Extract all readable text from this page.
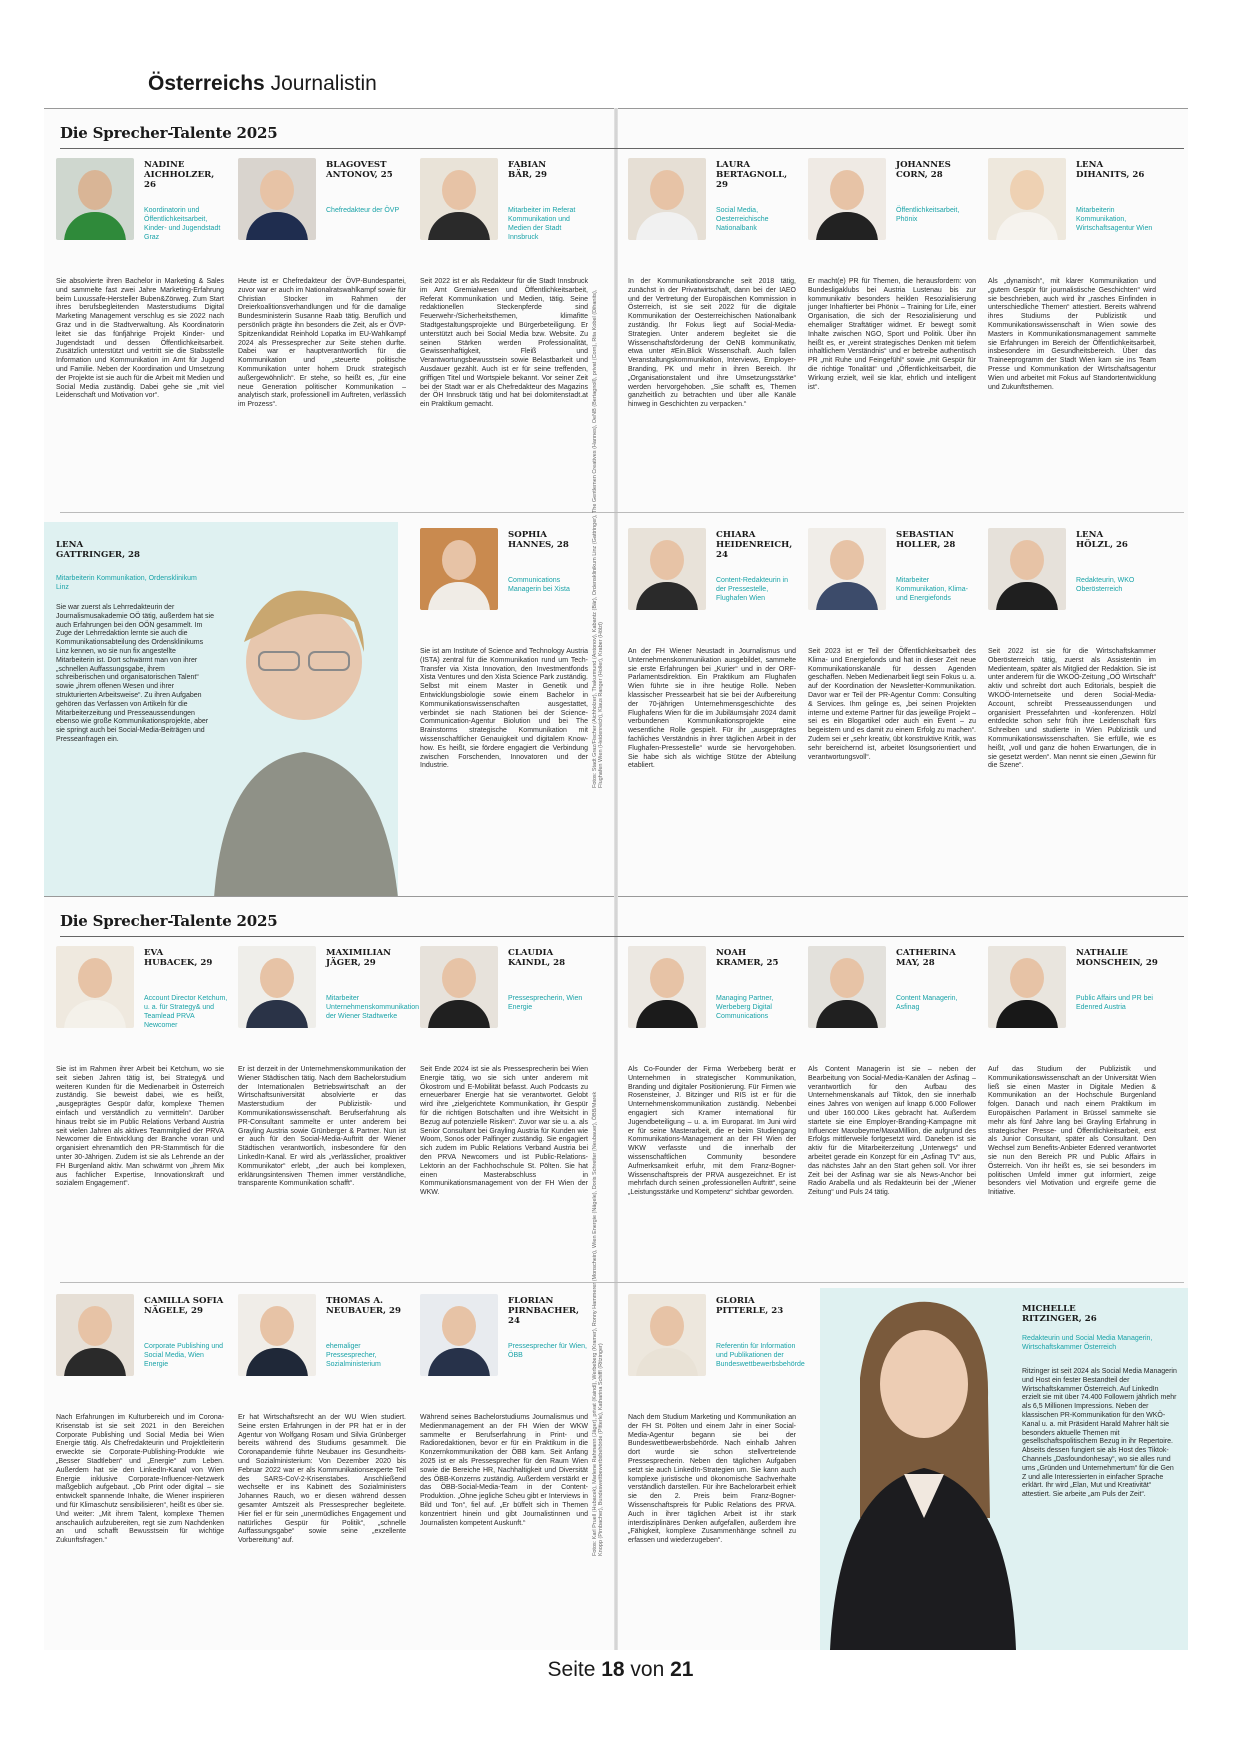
Österreichs Journalistin
Die Sprecher-Talente 2025
Fotos: Stadt Graz/Fischer (Aichholzer), Thakurmund (Antonov), Kabantz (Bär), Ordensklinikum Linz (Gattringer), The Gentlemen Creatives (Hannes), OeNB (Bertagnoll), privat (Corn), Rita Kobel (Dihanits), Flughafen Wien (Heidenreich), Klaus Ranger (Holler), Kraber (Hölzl)
NADINE
AICHHOLZER, 26
Koordinatorin und Öffentlichkeitsarbeit, Kinder- und Jugendstadt Graz
Sie absolvierte ihren Bachelor in Marketing & Sales und sammelte fast zwei Jahre Marketing-Erfahrung beim Luxussafe-Hersteller Buben&Zörweg. Zum Start ihres berufsbegleitenden Masterstudiums Digital Marketing Management verschlug es sie 2022 nach Graz und in die Stadtverwaltung. Als Koordinatorin leitet sie das fünfjährige Projekt Kinder- und Jugendstadt und dessen Öffentlichkeitsarbeit. Zusätzlich unterstützt und vertritt sie die Stabsstelle Information und Kommunikation im Amt für Jugend und Familie. Neben der Koordination und Umsetzung der Projekte ist sie auch für die Arbeit mit Medien und Social Media zuständig. Dabei gehe sie „mit viel Leidenschaft und Motivation vor“.
BLAGOVEST
ANTONOV, 25
Chefredakteur der ÖVP
Heute ist er Chefredakteur der ÖVP-Bundespartei, zuvor war er auch im Nationalratswahlkampf sowie für Christian Stocker im Rahmen der Dreierkoalitionsverhandlungen und für die damalige Bundesministerin Susanne Raab tätig. Beruflich und persönlich prägte ihn besonders die Zeit, als er ÖVP-Spitzenkandidat Reinhold Lopatka im EU-Wahlkampf 2024 als Pressesprecher zur Seite stehen durfte. Dabei war er hauptverantwortlich für die Kommunikation und „steuerte politische Kommunikation unter hohem Druck strategisch außergewöhnlich“. Er stehe, so heißt es, „für eine neue Generation politischer Kommunikation – analytisch stark, professionell im Auftreten, verlässlich im Prozess“.
FABIAN
BÄR, 29
Mitarbeiter im Referat Kommunikation und Medien der Stadt Innsbruck
Seit 2022 ist er als Redakteur für die Stadt Innsbruck im Amt Gremialwesen und Öffentlichkeitsarbeit, Referat Kommunikation und Medien, tätig. Seine redaktionellen Steckenpferde sind Feuerwehr-/Sicherheitsthemen, klimafitte Stadtgestaltungsprojekte und Bürgerbeteiligung. Er unterstützt auch bei Social Media bzw. Website. Zu seinen Stärken werden Professionalität, Gewissenhaftigkeit, Fleiß und Verantwortungsbewusstsein sowie Belastbarkeit und Ausdauer gezählt. Auch ist er für seine treffenden, griffigen Titel und Wortspiele bekannt. Vor seiner Zeit bei der Stadt war er als Chefredakteur des Magazins der ÖH Innsbruck tätig und hat bei dolomitenstadt.at ein Praktikum gemacht.
LAURA
BERTAGNOLL, 29
Social Media, Oesterreichische Nationalbank
In der Kommunikationsbranche seit 2018 tätig, zunächst in der Privatwirtschaft, dann bei der IAEO und der Vertretung der Europäischen Kommission in Österreich, ist sie seit 2022 für die digitale Kommunikation der Oesterreichischen Nationalbank zuständig. Ihr Fokus liegt auf Social-Media-Strategien. Unter anderem begleitet sie die Wissenschaftsförderung der OeNB kommunikativ, etwa unter #Ein.Blick Wissenschaft. Auch fallen Veranstaltungskommunikation, Interviews, Employer-Branding, PK und mehr in ihren Bereich. Ihr „Organisationstalent und ihre Umsetzungsstärke“ werden hervorgehoben. „Sie schafft es, Themen ganzheitlich zu betrachten und über alle Kanäle hinweg in Geschichten zu verpacken.“
JOHANNES
CORN, 28
Öffentlichkeitsarbeit, Phönix
Er macht(e) PR für Themen, die herausfordern: von Bundesligaklubs bei Austria Lustenau bis zur kommunikativ besonders heiklen Resozialisierung junger Inhaftierter bei Phönix – Training for Life, einer Organisation, die sich der Resozialisierung und ehemaliger Straftätiger widmet. Er bewegt somit Inhalte zwischen NGO, Sport und Politik. Über ihn heißt es, er „vereint strategisches Denken mit tiefem inhaltlichem Verständnis“ und er betreibe authentisch PR „mit Ruhe und Feingefühl“ sowie „mit Gespür für die richtige Tonalität“ und „Öffentlichkeitsarbeit, die Wirkung erzielt, weil sie klar, ehrlich und intelligent ist“.
LENA
DIHANITS, 26
Mitarbeiterin Kommunikation, Wirtschaftsagentur Wien
Als „dynamisch“, mit klarer Kommunikation und „gutem Gespür für journalistische Geschichten“ wird sie beschrieben, auch wird ihr „rasches Einfinden in unterschiedliche Themen“ attestiert. Bereits während ihres Studiums der Publizistik und Kommunikationswissenschaft in Wien sowie des Masters in Kommunikationsmanagement sammelte sie Erfahrungen im Bereich der Öffentlichkeitsarbeit, insbesondere im Gesundheitsbereich. Über das Traineeprogramm der Stadt Wien kam sie ins Team Presse und Kommunikation der Wirtschaftsagentur Wien und arbeitet mit Fokus auf Standortentwicklung und Zukunftsthemen.
LENA
GATTRINGER, 28
Mitarbeiterin Kommunikation, Ordensklinikum Linz
Sie war zuerst als Lehrredakteurin der Journalismusakademie OÖ tätig, außerdem hat sie auch Erfahrungen bei den OÖN gesammelt. Im Zuge der Lehrredaktion lernte sie auch die Kommunikationsabteilung des Ordensklinikums Linz kennen, wo sie nun fix angestellte Mitarbeiterin ist. Dort schwärmt man von ihrer „schnellen Auffassungsgabe, ihrem schreiberischen und organisatorischen Talent“ sowie „ihrem offenen Wesen und ihrer strukturierten Arbeitsweise“. Zu ihren Aufgaben gehören das Verfassen von Artikeln für die Mitarbeiterzeitung und Presseaussendungen ebenso wie große Kommunikationsprojekte, aber sie springt auch bei Social-Media-Beiträgen und Presseanfragen ein.
SOPHIA
HANNES, 28
Communications Managerin bei Xista
Sie ist am Institute of Science and Technology Austria (ISTA) zentral für die Kommunikation rund um Tech-Transfer via Xista Innovation, den Investmentfonds Xista Ventures und den Xista Science Park zuständig. Selbst mit einem Master in Genetik und Entwicklungsbiologie sowie einem Bachelor in Kommunikationswissenschaften ausgestattet, verbindet sie nach Stationen bei der Science-Communication-Agentur Biolution und bei The Brainstorms strategische Kommunikation mit wissenschaftlicher Genauigkeit und digitalem Know-how. Es heißt, sie fördere engagiert die Verbindung zwischen Forschenden, Innovatoren und der Industrie.
CHIARA
HEIDENREICH, 24
Content-Redakteurin in der Pressestelle, Flughafen Wien
An der FH Wiener Neustadt in Journalismus und Unternehmenskommunikation ausgebildet, sammelte sie erste Erfahrungen bei „Kurier“ und in der ORF-Parlamentsdirektion. Ein Praktikum am Flughafen Wien führte sie in ihre heutige Rolle. Neben klassischer Pressearbeit hat sie bei der Aufbereitung der 70-jährigen Unternehmensgeschichte des Flughafens Wien für die im Jubiläumsjahr 2024 damit verbundenen Kommunikationsprojekte eine wesentliche Rolle gespielt. Für ihr „ausgeprägtes fachliches Verständnis in ihrer täglichen Arbeit in der Flughafen-Pressestelle“ wurde sie hervorgehoben. Sie habe sich als wichtige Stütze der Abteilung etabliert.
SEBASTIAN
HOLLER, 28
Mitarbeiter Kommunikation, Klima- und Energiefonds
Seit 2023 ist er Teil der Öffentlichkeitsarbeit des Klima- und Energiefonds und hat in dieser Zeit neue Kommunikationskanäle für dessen Agenden geschaffen. Neben Medienarbeit liegt sein Fokus u. a. auf der Koordination der Newsletter-Kommunikation. Davor war er Teil der PR-Agentur Comm: Consulting & Services. Ihm gelinge es, „bei seinen Projekten interne und externe Partner für das jeweilige Projekt – sei es ein Blogartikel oder auch ein Event – zu begeistern und es damit zu einem Erfolg zu machen“. Zudem sei er „sehr kreativ, übt konstruktive Kritik, was sehr bereichernd ist, arbeitet lösungsorientiert und verantwortungsvoll“.
LENA
HÖLZL, 26
Redakteurin, WKO Oberösterreich
Seit 2022 ist sie für die Wirtschaftskammer Oberösterreich tätig, zuerst als Assistentin im Medienteam, später als Mitglied der Redaktion. Sie ist unter anderem für die WKOÖ-Zeitung „OÖ Wirtschaft“ aktiv und schreibt dort auch Editorials, bespielt die WKOÖ-Internetseite und deren Social-Media-Account, schreibt Presseaussendungen und organisiert Pressefahrten und -konferenzen. Hölzl entdeckte schon sehr früh ihre Leidenschaft fürs Schreiben und studierte in Wien Publizistik und Kommunikationswissenschaften. Sie erfülle, wie es heißt, „voll und ganz die hohen Erwartungen, die in sie gesetzt werden“. Man nennt sie einen „Gewinn für die Szene“.
Die Sprecher-Talente 2025
Fotos: Karl Pruell (Hubacek), Marlene Rahmann (Jäger), privat (Kaindl), Werbeberg (Kramer), Ronny Hammerer (Monschein), Wien Energie (Nägele), Doris Schretter (Neubauer), ÖBB/Marek Knopp (Pirnbacher), Bundeswettbewerbsbehörde (Pitterle), Katharina Schiffl (Ritzinger)
EVA
HUBACEK, 29
Account Director Ketchum, u. a. für Strategy& und Teamlead PRVA Newcomer
Sie ist im Rahmen ihrer Arbeit bei Ketchum, wo sie seit sieben Jahren tätig ist, bei Strategy& und weiteren Kunden für die Medienarbeit in Österreich zuständig. Sie beweist dabei, wie es heißt, „ausgeprägtes Gespür dafür, komplexe Themen einfach und verständlich zu vermitteln“. Darüber hinaus treibt sie im Public Relations Verband Austria seit vielen Jahren als aktives Teammitglied der PRVA Newcomer die Entwicklung der Branche voran und organisiert ehrenamtlich den PR-Stammtisch für die unter 30-Jährigen. Zudem ist sie als Lehrende an der FH Burgenland aktiv. Man schwärmt von „ihrem Mix aus fachlicher Expertise, Innovationskraft und sozialem Engagement“.
MAXIMILIAN
JÄGER, 29
Mitarbeiter Unternehmenskommunikation der Wiener Stadtwerke
Er ist derzeit in der Unternehmenskommunikation der Wiener Städtischen tätig. Nach dem Bachelorstudium der Internationalen Betriebswirtschaft an der Wirtschaftsuniversität absolvierte er das Masterstudium der Publizistik- und Kommunikationswissenschaft. Berufserfahrung als PR-Consultant sammelte er unter anderem bei Grayling Austria sowie Grünberger & Partner. Nun ist er auch für den Social-Media-Auftritt der Wiener Städtischen verantwortlich, insbesondere für den LinkedIn-Kanal. Er wird als „verlässlicher, proaktiver Kommunikator“ erlebt, „der auch bei komplexen, erklärungsintensiven Themen immer verständliche, transparente Kommunikation schafft“.
CLAUDIA
KAINDL, 28
Pressesprecherin, Wien Energie
Seit Ende 2024 ist sie als Pressesprecherin bei Wien Energie tätig, wo sie sich unter anderem mit Ökostrom und E-Mobilität befasst. Auch Podcasts zu erneuerbarer Energie hat sie verantwortet. Gelobt wird ihre „zielgerichtete Kommunikation, ihr Gespür für die richtigen Botschaften und ihre Weitsicht in Bezug auf potenzielle Risiken“. Zuvor war sie u. a. als Senior Consultant bei Grayling Austria für Kunden wie Woom, Sonos oder Palfinger zuständig. Sie engagiert sich zudem im Public Relations Verband Austria bei den PRVA Newcomers und ist Public-Relations-Lektorin an der Fachhochschule St. Pölten. Sie hat einen Masterabschluss in Kommunikationsmanagement von der FH Wien der WKW.
NOAH
KRAMER, 25
Managing Partner, Werbeberg Digital Communications
Als Co-Founder der Firma Werbeberg berät er Unternehmen in strategischer Kommunikation, Branding und digitaler Positionierung. Für Firmen wie Rosensteiner, J. Bitzinger und RIS ist er für die Unternehmenskommunikation zuständig. Nebenbei engagiert sich Kramer international für Jugendbeteiligung – u. a. im Europarat. Im Juni wird er für seine Masterarbeit, die er beim Studiengang Kommunikations-Management an der FH Wien der WKW verfasste und die innerhalb der wissenschaftlichen Community besondere Aufmerksamkeit erfuhr, mit dem Franz-Bogner-Wissenschaftspreis der PRVA ausgezeichnet. Er ist mehrfach durch seinen „professionellen Auftritt“, seine „Leistungsstärke und Kompetenz“ sichtbar geworden.
CATHERINA
MAY, 28
Content Managerin, Asfinag
Als Content Managerin ist sie – neben der Bearbeitung von Social-Media-Kanälen der Asfinag – verantwortlich für den Aufbau des Unternehmenskanals auf Tiktok, den sie innerhalb eines Jahres von wenigen auf knapp 6.000 Follower und über 160.000 Likes gebracht hat. Außerdem startete sie eine Employer-Branding-Kampagne mit Influencer Maxobeyme/MaxaMillion, die aufgrund des Erfolgs mittlerweile fortgesetzt wird. Daneben ist sie aktiv für die Mitarbeiterzeitung „Unterwegs“ und arbeitet gerade ein Konzept für ein „Asfinag TV“ aus, das nächstes Jahr an den Start gehen soll. Vor ihrer Zeit bei der Asfinag war sie als News-Anchor bei Radio Arabella und als Redakteurin bei der „Wiener Zeitung“ und Puls 24 tätig.
NATHALIE
MONSCHEIN, 29
Public Affairs und PR bei Edenred Austria
Auf das Studium der Publizistik und Kommunikationswissenschaft an der Universität Wien ließ sie einen Master in Digitale Medien & Kommunikation an der Hochschule Burgenland folgen. Danach und nach einem Praktikum im Europäischen Parlament in Brüssel sammelte sie mehr als fünf Jahre lang bei Grayling Erfahrung in strategischer Presse- und Öffentlichkeitsarbeit, erst als Junior Consultant, später als Consultant. Den Wechsel zum Benefits-Anbieter Edenred verantwortet sie nun den Bereich PR und Public Affairs in Österreich. Von ihr heißt es, sie sei besonders im politischen Umfeld immer gut informiert, zeige besonders viel Motivation und ergreife gerne die Initiative.
CAMILLA SOFIA
NÄGELE, 29
Corporate Publishing und Social Media, Wien Energie
Nach Erfahrungen im Kulturbereich und im Corona-Krisenstab ist sie seit 2021 in den Bereichen Corporate Publishing und Social Media bei Wien Energie tätig. Als Chefredakteurin und Projektleiterin erweckte sie Corporate-Publishing-Produkte wie „Besser Stadtleben“ und „Energie“ zum Leben. Außerdem hat sie den LinkedIn-Kanal von Wien Energie inklusive Corporate-Influencer-Netzwerk maßgeblich aufgebaut. „Ob Print oder digital – sie entwickelt spannende Inhalte, die Wiener inspirieren und für Klimaschutz sensibilisieren“, heißt es über sie. Und weiter: „Mit ihrem Talent, komplexe Themen anschaulich aufzubereiten, regt sie zum Nachdenken an und schafft Bewusstsein für wichtige Zukunftsfragen.“
THOMAS A.
NEUBAUER, 29
ehemaliger Pressesprecher, Sozialministerium
Er hat Wirtschaftsrecht an der WU Wien studiert. Seine ersten Erfahrungen in der PR hat er in der Agentur von Wolfgang Rosam und Silvia Grünberger bereits während des Studiums gesammelt. Die Coronapandemie führte Neubauer ins Gesundheits- und Sozialministerium: Von Dezember 2020 bis Februar 2022 war er als Kommunikationsexperte Teil des SARS-CoV-2-Krisenstabes. Anschließend wechselte er ins Kabinett des Sozialministers Johannes Rauch, wo er diesen während dessen gesamter Amtszeit als Pressesprecher begleitete. Hier fiel er für sein „unermüdliches Engagement und natürliches Gespür für Politik“, „schnelle Auffassungsgabe“ sowie seine „exzellente Vorbereitung“ auf.
FLORIAN
PIRNBACHER, 24
Pressesprecher für Wien, ÖBB
Während seines Bachelorstudiums Journalismus und Medienmanagement an der FH Wien der WKW sammelte er Berufserfahrung in Print- und Radioredaktionen, bevor er für ein Praktikum in die Konzernkommunikation der ÖBB kam. Seit Anfang 2025 ist er als Pressesprecher für den Raum Wien sowie die Bereiche HR, Nachhaltigkeit und Diversität des ÖBB-Konzerns zuständig. Außerdem verstärkt er das ÖBB-Social-Media-Team in der Content-Produktion. „Ohne jegliche Scheu gibt er Interviews in Bild und Ton“, fiel auf. „Er büffelt sich in Themen konzentriert hinein und gibt Journalistinnen und Journalisten kompetent Auskunft.“
GLORIA
PITTERLE, 23
Referentin für Information und Publikationen der Bundeswettbewerbsbehörde
Nach dem Studium Marketing und Kommunikation an der FH St. Pölten und einem Jahr in einer Social-Media-Agentur begann sie bei der Bundeswettbewerbsbehörde. Nach einhalb Jahren dort wurde sie schon stellvertretende Pressesprecherin. Neben den täglichen Aufgaben setzt sie auch LinkedIn-Strategien um. Sie kann auch komplexe juristische und ökonomische Sachverhalte verständlich darstellen. Für ihre Bachelorarbeit erhielt sie den 2. Preis beim Franz-Bogner-Wissenschaftspreis für Public Relations des PRVA. Auch in ihrer täglichen Arbeit ist ihr stark interdisziplinäres Denken aufgefallen, außerdem ihre „Fähigkeit, komplexe Zusammenhänge schnell zu erfassen und wiederzugeben“.
MICHELLE
RITZINGER, 26
Redakteurin und Social Media Managerin, Wirtschaftskammer Österreich
Ritzinger ist seit 2024 als Social Media Managerin und Host ein fester Bestandteil der Wirtschaftskammer Österreich. Auf LinkedIn erzielt sie mit über 74.400 Followern jährlich mehr als 6,5 Millionen Impressions. Neben der klassischen PR-Kommunikation für den WKÖ-Kanal u. a. mit Präsident Harald Mahrer hält sie besonders aktuelle Themen mit gesellschaftspolitischem Bezug in ihr Repertoire. Abseits dessen fungiert sie als Host des Tiktok-Channels „Dasfoundonhesay“, wo sie alles rund ums „Gründen und Unternehmertum“ für die Gen Z und alle Interessierten in einfacher Sprache erklärt. Ihr wird „Elan, Mut und Kreativität“ attestiert. Sie arbeite „am Puls der Zeit“.
Seite 18 von 21
